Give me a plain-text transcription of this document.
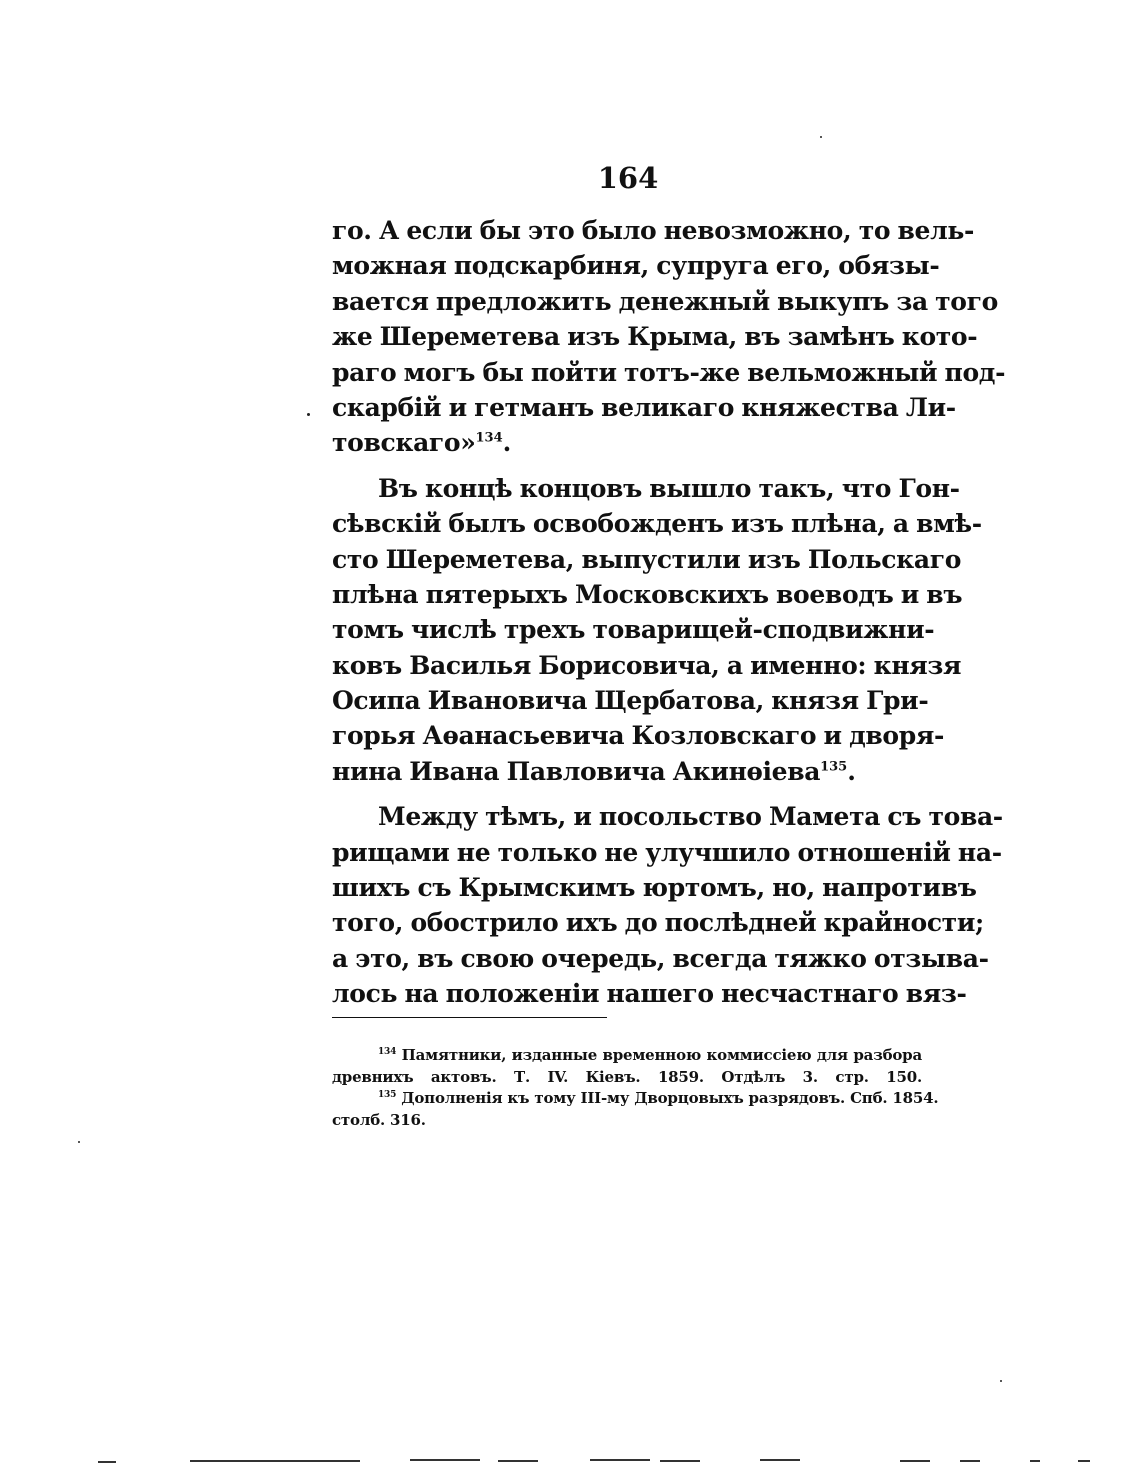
164
го. А если бы это было невозможно, то вель-
можная подскарбиня, супруга его, обязы-
вается предложить денежный выкупъ за того
же Шереметева изъ Крыма, въ замѣнъ кото-
раго могъ бы пойти тотъ-же вельможный под-
скарбій и гетманъ великаго княжества Ли-
товскаго»$^{134}$.
Въ концѣ концовъ вышло такъ, что Гон-
сѣвскій былъ освобожденъ изъ плѣна, а вмѣ-
сто Шереметева, выпустили изъ Польскаго
плѣна пятерыхъ Московскихъ воеводъ и въ
томъ числѣ трехъ товарищей-сподвижни-
ковъ Василья Борисовича, а именно: князя
Осипа Ивановича Щербатова, князя Гри-
горья Аѳанасьевича Козловскаго и дворя-
нина Ивана Павловича Акинѳіева$^{135}$.
Между тѣмъ, и посольство Мамета съ това-
рищами не только не улучшило отношеній на-
шихъ съ Крымскимъ юртомъ, но, напротивъ
того, обострило ихъ до послѣдней крайности;
а это, въ свою очередь, всегда тяжко отзыва-
лось на положеніи нашего несчастнаго вяз-
$^{134}$ Памятники, изданные временною коммиссіею для разбора
древнихъ актовъ. Т. IV. Кіевъ. 1859. Отдѣлъ 3. стр. 150.
$^{135}$ Дополненія къ тому III-му Дворцовыхъ разрядовъ. Спб. 1854.
столб. 316.
